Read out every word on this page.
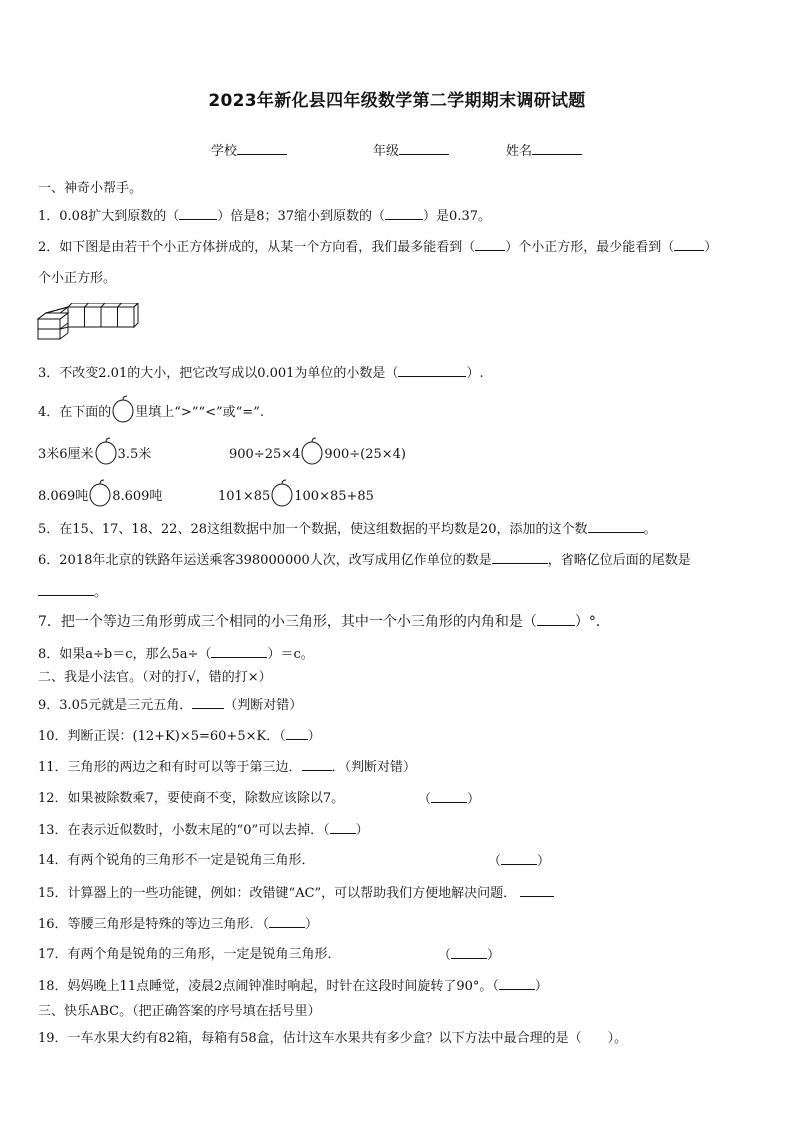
2023年新化县四年级数学第二学期期末调研试题
学校	年级	姓名
一、神奇小帮手。
1．0.08扩大到原数的（	）倍是8；37缩小到原数的（	）是0.37。
2．如下图是由若干个小正方体拼成的，从某一个方向看，我们最多能看到（ ）个小正方形，最少能看到（ ）
个小正方形。
3．不改变2.01的大小，把它改写成以0.001为单位的小数是（	）.
4．在下面的 里填上“>”“<”或“=”.
3米6厘米 3.5米	900÷25×4 900÷(25×4)
8.069吨 8.609吨	101×85 100×85+85
5．在15、17、18、22、28这组数据中加一个数据，使这组数据的平均数是20，添加的这个数	。
6．2018年北京的铁路年运送乘客398000000人次，改写成用亿作单位的数是	，省略亿位后面的尾数是
。
7．把一个等边三角形剪成三个相同的小三角形，其中一个小三角形的内角和是（	）°．
8．如果a÷b＝c，那么5a÷（	）＝c。
二、我是小法官。（对的打√，错的打×）
9．3.05元就是三元五角． （判断对错）
10．判断正误：(12+K)×5=60+5×K．（ ）
11．三角形的两边之和有时可以等于第三边． ．（判断对错）
12．如果被除数乘7，要使商不变，除数应该除以7。	（	）
13．在表示近似数时，小数末尾的“0”可以去掉．（ ）
14．有两个锐角的三角形不一定是锐角三角形．	（	）
15．计算器上的一些功能键，例如：改错键“AC”，可以帮助我们方便地解决问题．
16．等腰三角形是特殊的等边三角形．（	）
17．有两个角是锐角的三角形，一定是锐角三角形．	（	）
18．妈妈晚上11点睡觉，凌晨2点闹钟准时响起，时针在这段时间旋转了90°。（	）
三、快乐ABC。（把正确答案的序号填在括号里）
19．一车水果大约有82箱，每箱有58盒，估计这车水果共有多少盒？以下方法中最合理的是（　　）。
